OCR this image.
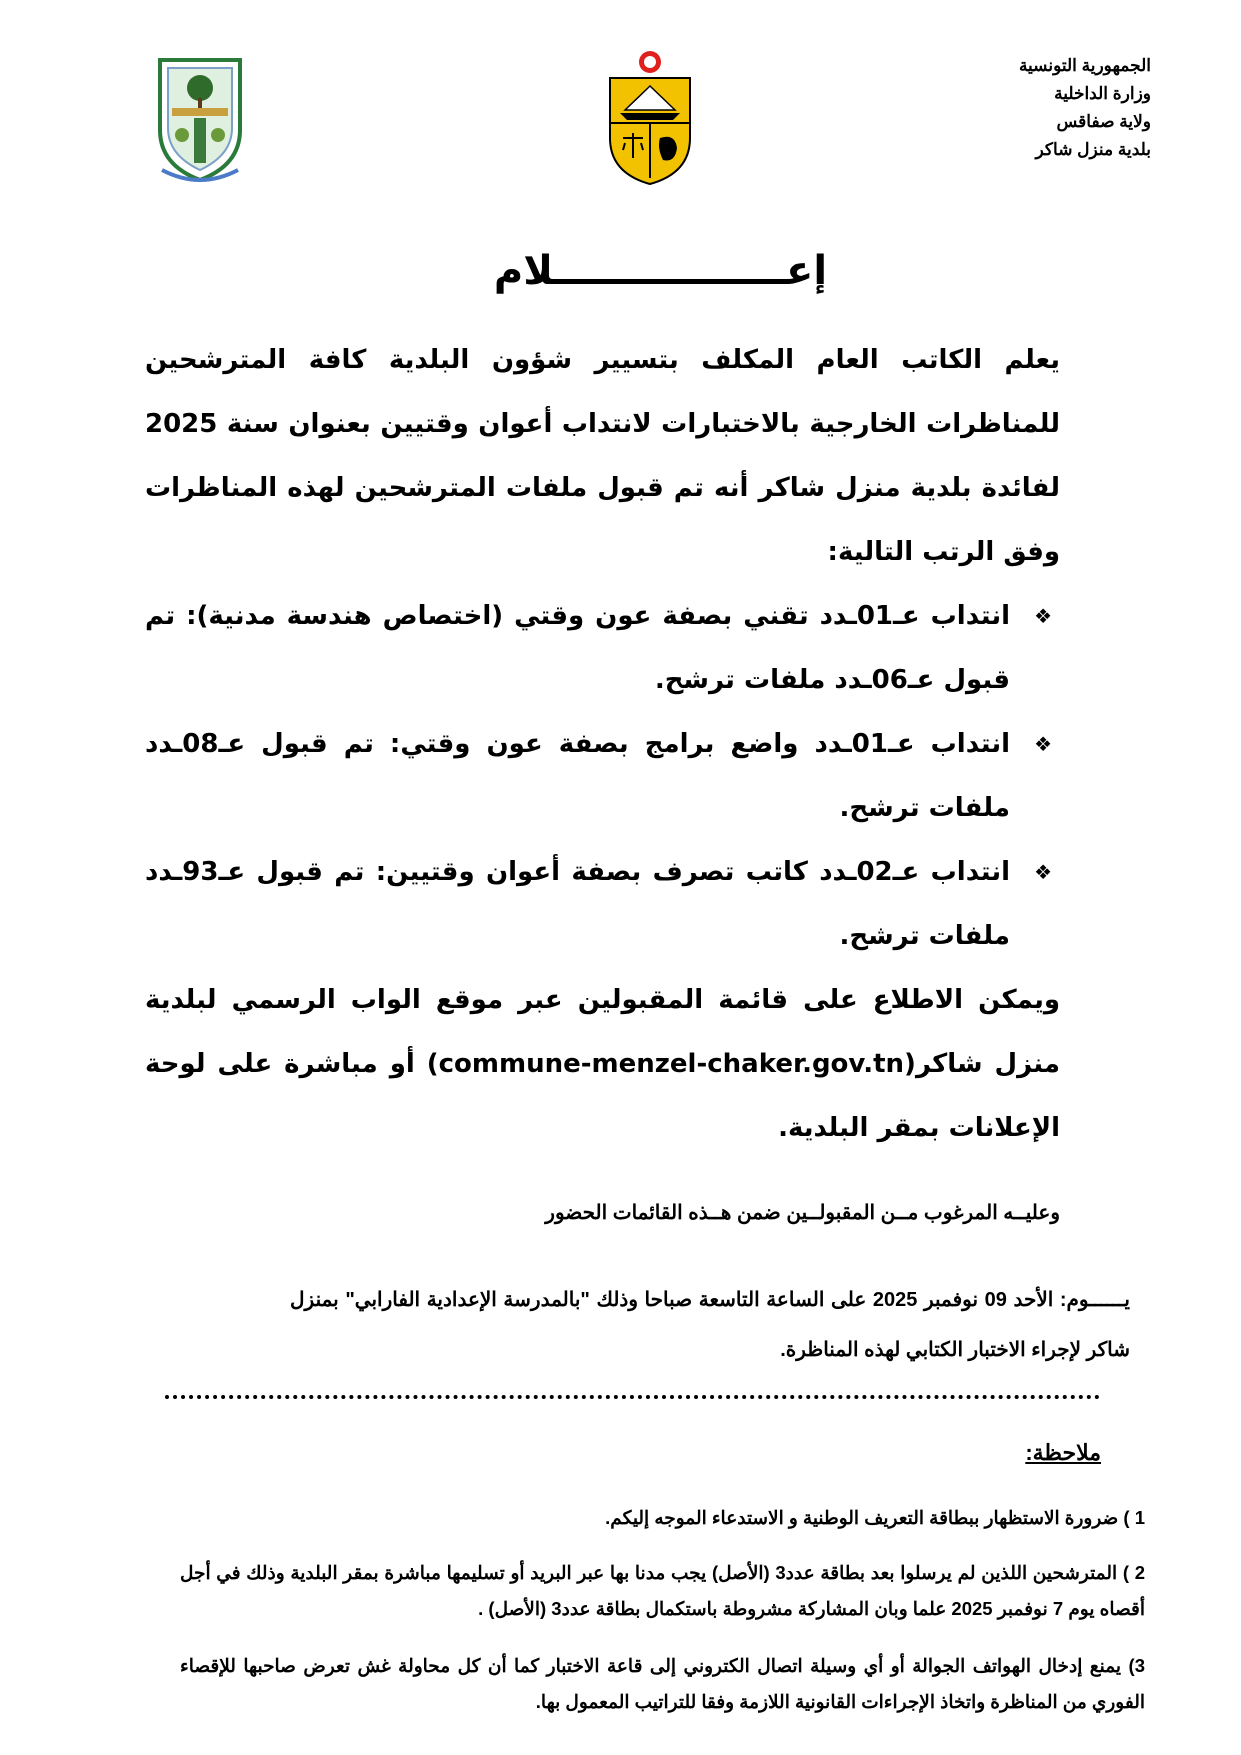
الجمهورية التونسية
وزارة الداخلية
ولاية صفاقس
بلدية منزل شاكر
إعـــــــــــــــــلام

يعلم الكاتب العام المكلف بتسيير شؤون البلدية كافة المترشحين للمناظرات الخارجية بالاختبارات لانتداب أعوان وقتيين بعنوان سنة 2025 لفائدة بلدية منزل شاكر أنه تم قبول ملفات المترشحين لهذه المناظرات وفق الرتب التالية:

❖
انتداب عـ01ـدد تقني بصفة عون وقتي (اختصاص هندسة مدنية): تم قبول عـ06ـدد ملفات ترشح.

❖
انتداب عـ01ـدد واضع برامج بصفة عون وقتي: تم قبول عـ08ـدد ملفات ترشح.

❖
انتداب عـ02ـدد كاتب تصرف بصفة أعوان وقتيين: تم قبول عـ93ـدد ملفات ترشح.

ويمكن الاطلاع على قائمة المقبولين عبر موقع الواب الرسمي لبلدية منزل شاكر(commune-menzel-chaker.gov.tn) أو مباشرة على لوحة الإعلانات بمقر البلدية.

وعليــه المرغوب مــن المقبولــين ضمن هــذه القائمات الحضور
يــــــوم: الأحد 09 نوفمبر 2025 على الساعة التاسعة صباحا وذلك "بالمدرسة الإعدادية الفارابي" بمنزل شاكر لإجراء الاختبار الكتابي لهذه المناظرة.
ملاحظة:
1 ) ضرورة الاستظهار ببطاقة التعريف الوطنية و الاستدعاء الموجه إليكم.
2 ) المترشحين اللذين لم يرسلوا بعد بطاقة عدد3 (الأصل) يجب مدنا بها عبر البريد أو تسليمها مباشرة بمقر البلدية وذلك في أجل أقصاه يوم 7 نوفمبر 2025 علما وبان المشاركة مشروطة باستكمال بطاقة عدد3 (الأصل) .
3) يمنع إدخال الهواتف الجوالة أو أي وسيلة اتصال الكتروني إلى قاعة الاختبار كما أن كل محاولة غش تعرض صاحبها للإقصاء الفوري من المناظرة واتخاذ الإجراءات القانونية اللازمة وفقا للتراتيب المعمول بها.
